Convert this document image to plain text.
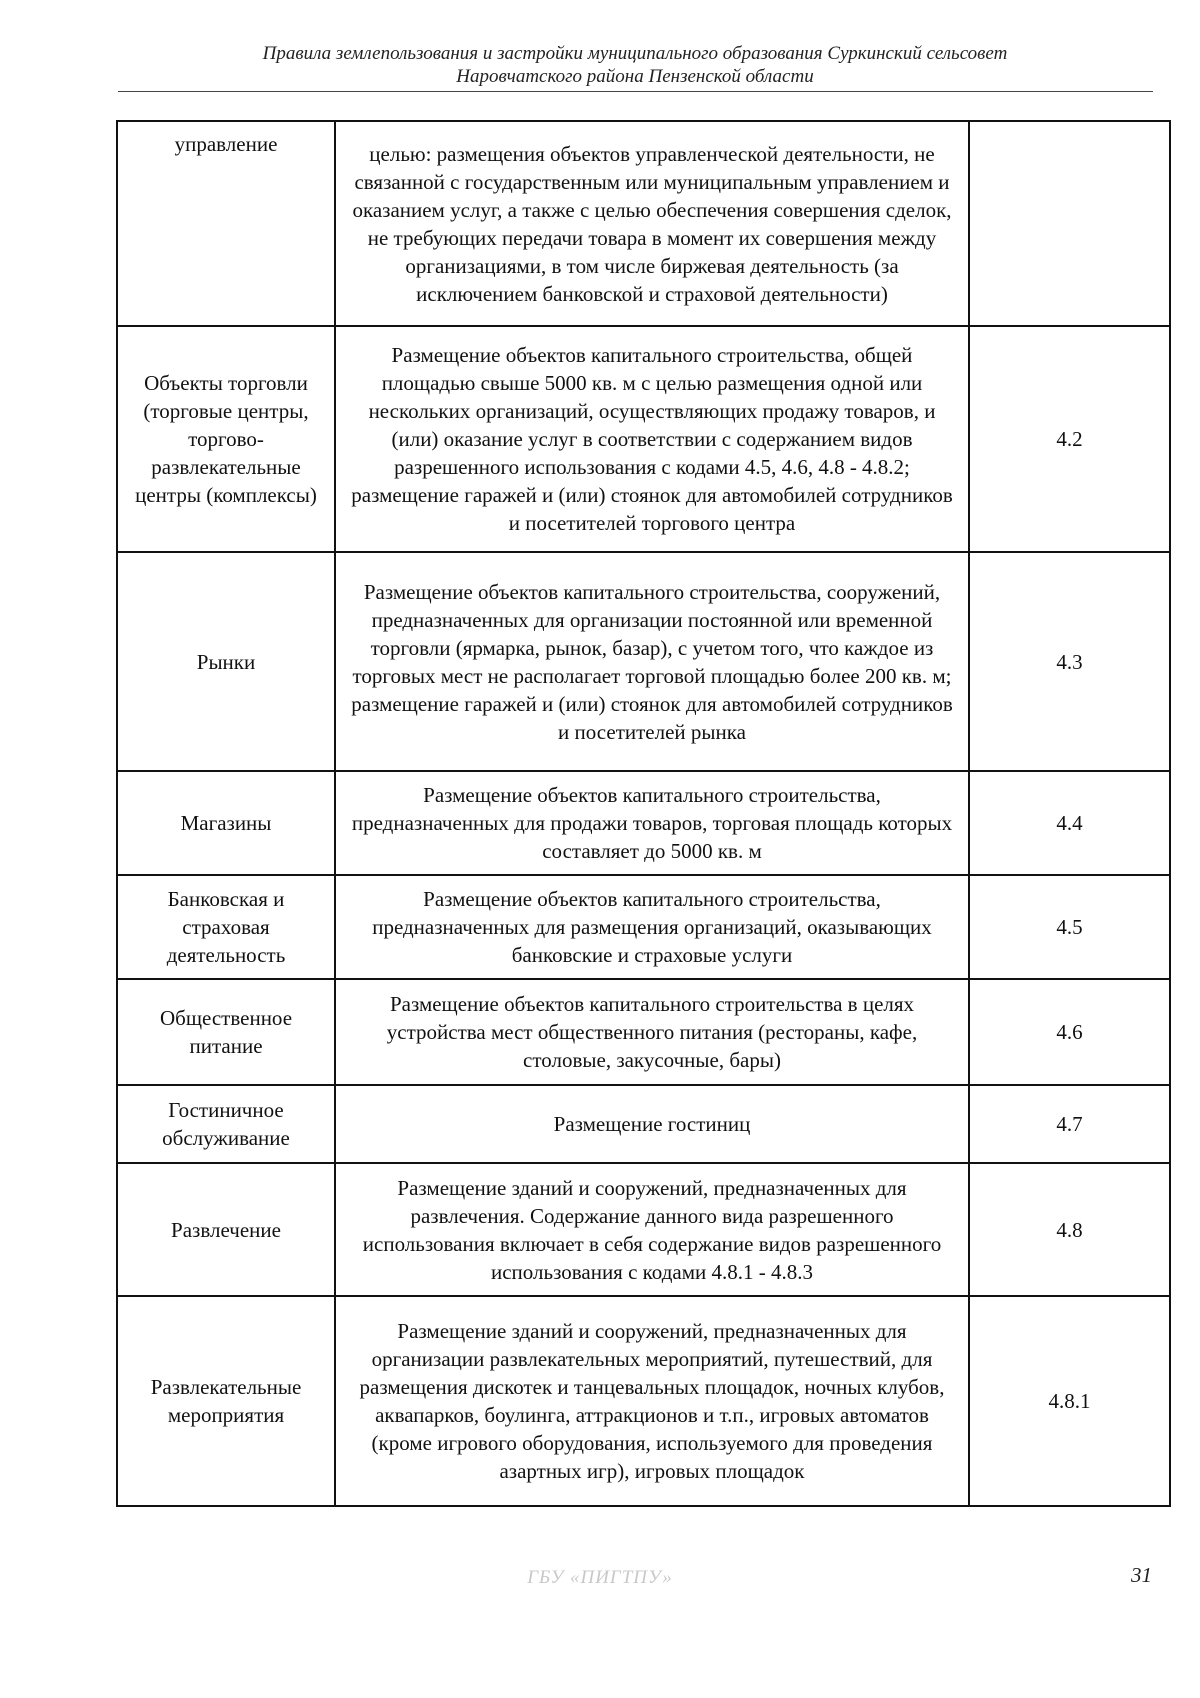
Правила землепользования и застройки муниципального образования Суркинский сельсовет
Наровчатского района Пензенской области
управление	целью: размещения объектов управленческой деятельности, не связанной с государственным или муниципальным управлением и оказанием услуг, а также с целью обеспечения совершения сделок, не требующих передачи товара в момент их совершения между организациями, в том числе биржевая деятельность (за исключением банковской и страховой деятельности)	
Объекты торговли (торговые центры, торгово-развлекательные центры (комплексы)	Размещение объектов капитального строительства, общей площадью свыше 5000 кв. м с целью размещения одной или нескольких организаций, осуществляющих продажу товаров, и (или) оказание услуг в соответствии с содержанием видов разрешенного использования с кодами 4.5, 4.6, 4.8 - 4.8.2; размещение гаражей и (или) стоянок для автомобилей сотрудников и посетителей торгового центра	4.2
Рынки	Размещение объектов капитального строительства, сооружений, предназначенных для организации постоянной или временной торговли (ярмарка, рынок, базар), с учетом того, что каждое из торговых мест не располагает торговой площадью более 200 кв. м; размещение гаражей и (или) стоянок для автомобилей сотрудников и посетителей рынка	4.3
Магазины	Размещение объектов капитального строительства, предназначенных для продажи товаров, торговая площадь которых составляет до 5000 кв. м	4.4
Банковская и страховая деятельность	Размещение объектов капитального строительства, предназначенных для размещения организаций, оказывающих банковские и страховые услуги	4.5
Общественное питание	Размещение объектов капитального строительства в целях устройства мест общественного питания (рестораны, кафе, столовые, закусочные, бары)	4.6
Гостиничное обслуживание	Размещение гостиниц	4.7
Развлечение	Размещение зданий и сооружений, предназначенных для развлечения. Содержание данного вида разрешенного использования включает в себя содержание видов разрешенного использования с кодами 4.8.1 - 4.8.3	4.8
Развлекательные мероприятия	Размещение зданий и сооружений, предназначенных для организации развлекательных мероприятий, путешествий, для размещения дискотек и танцевальных площадок, ночных клубов, аквапарков, боулинга, аттракционов и т.п., игровых автоматов (кроме игрового оборудования, используемого для проведения азартных игр), игровых площадок	4.8.1
ГБУ «ПИГТПУ»	31
